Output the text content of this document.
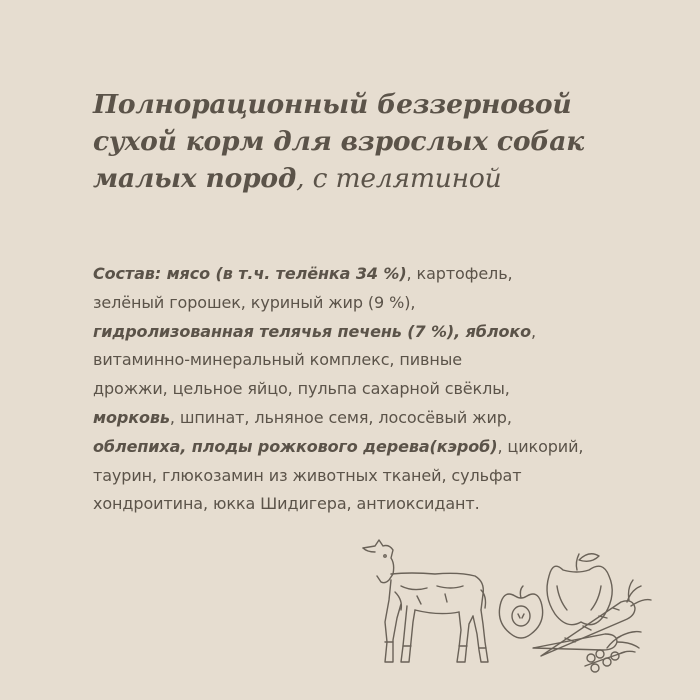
Полнорационный беззерновой
сухой корм для взрослых собак
малых пород, с телятиной
Состав: мясо (в т.ч. телёнка 34 %), картофель,
зелёный горошек, куриный жир (9 %),
гидролизованная телячья печень (7 %), яблоко,
витаминно-минеральный комплекс, пивные
дрожжи, цельное яйцо, пульпа сахарной свёклы,
морковь, шпинат, льняное семя, лососёвый жир,
облепиха, плоды рожкового дерева(кэроб), цикорий,
таурин, глюкозамин из животных тканей, сульфат
хондроитина, юкка Шидигера, антиоксидант.
